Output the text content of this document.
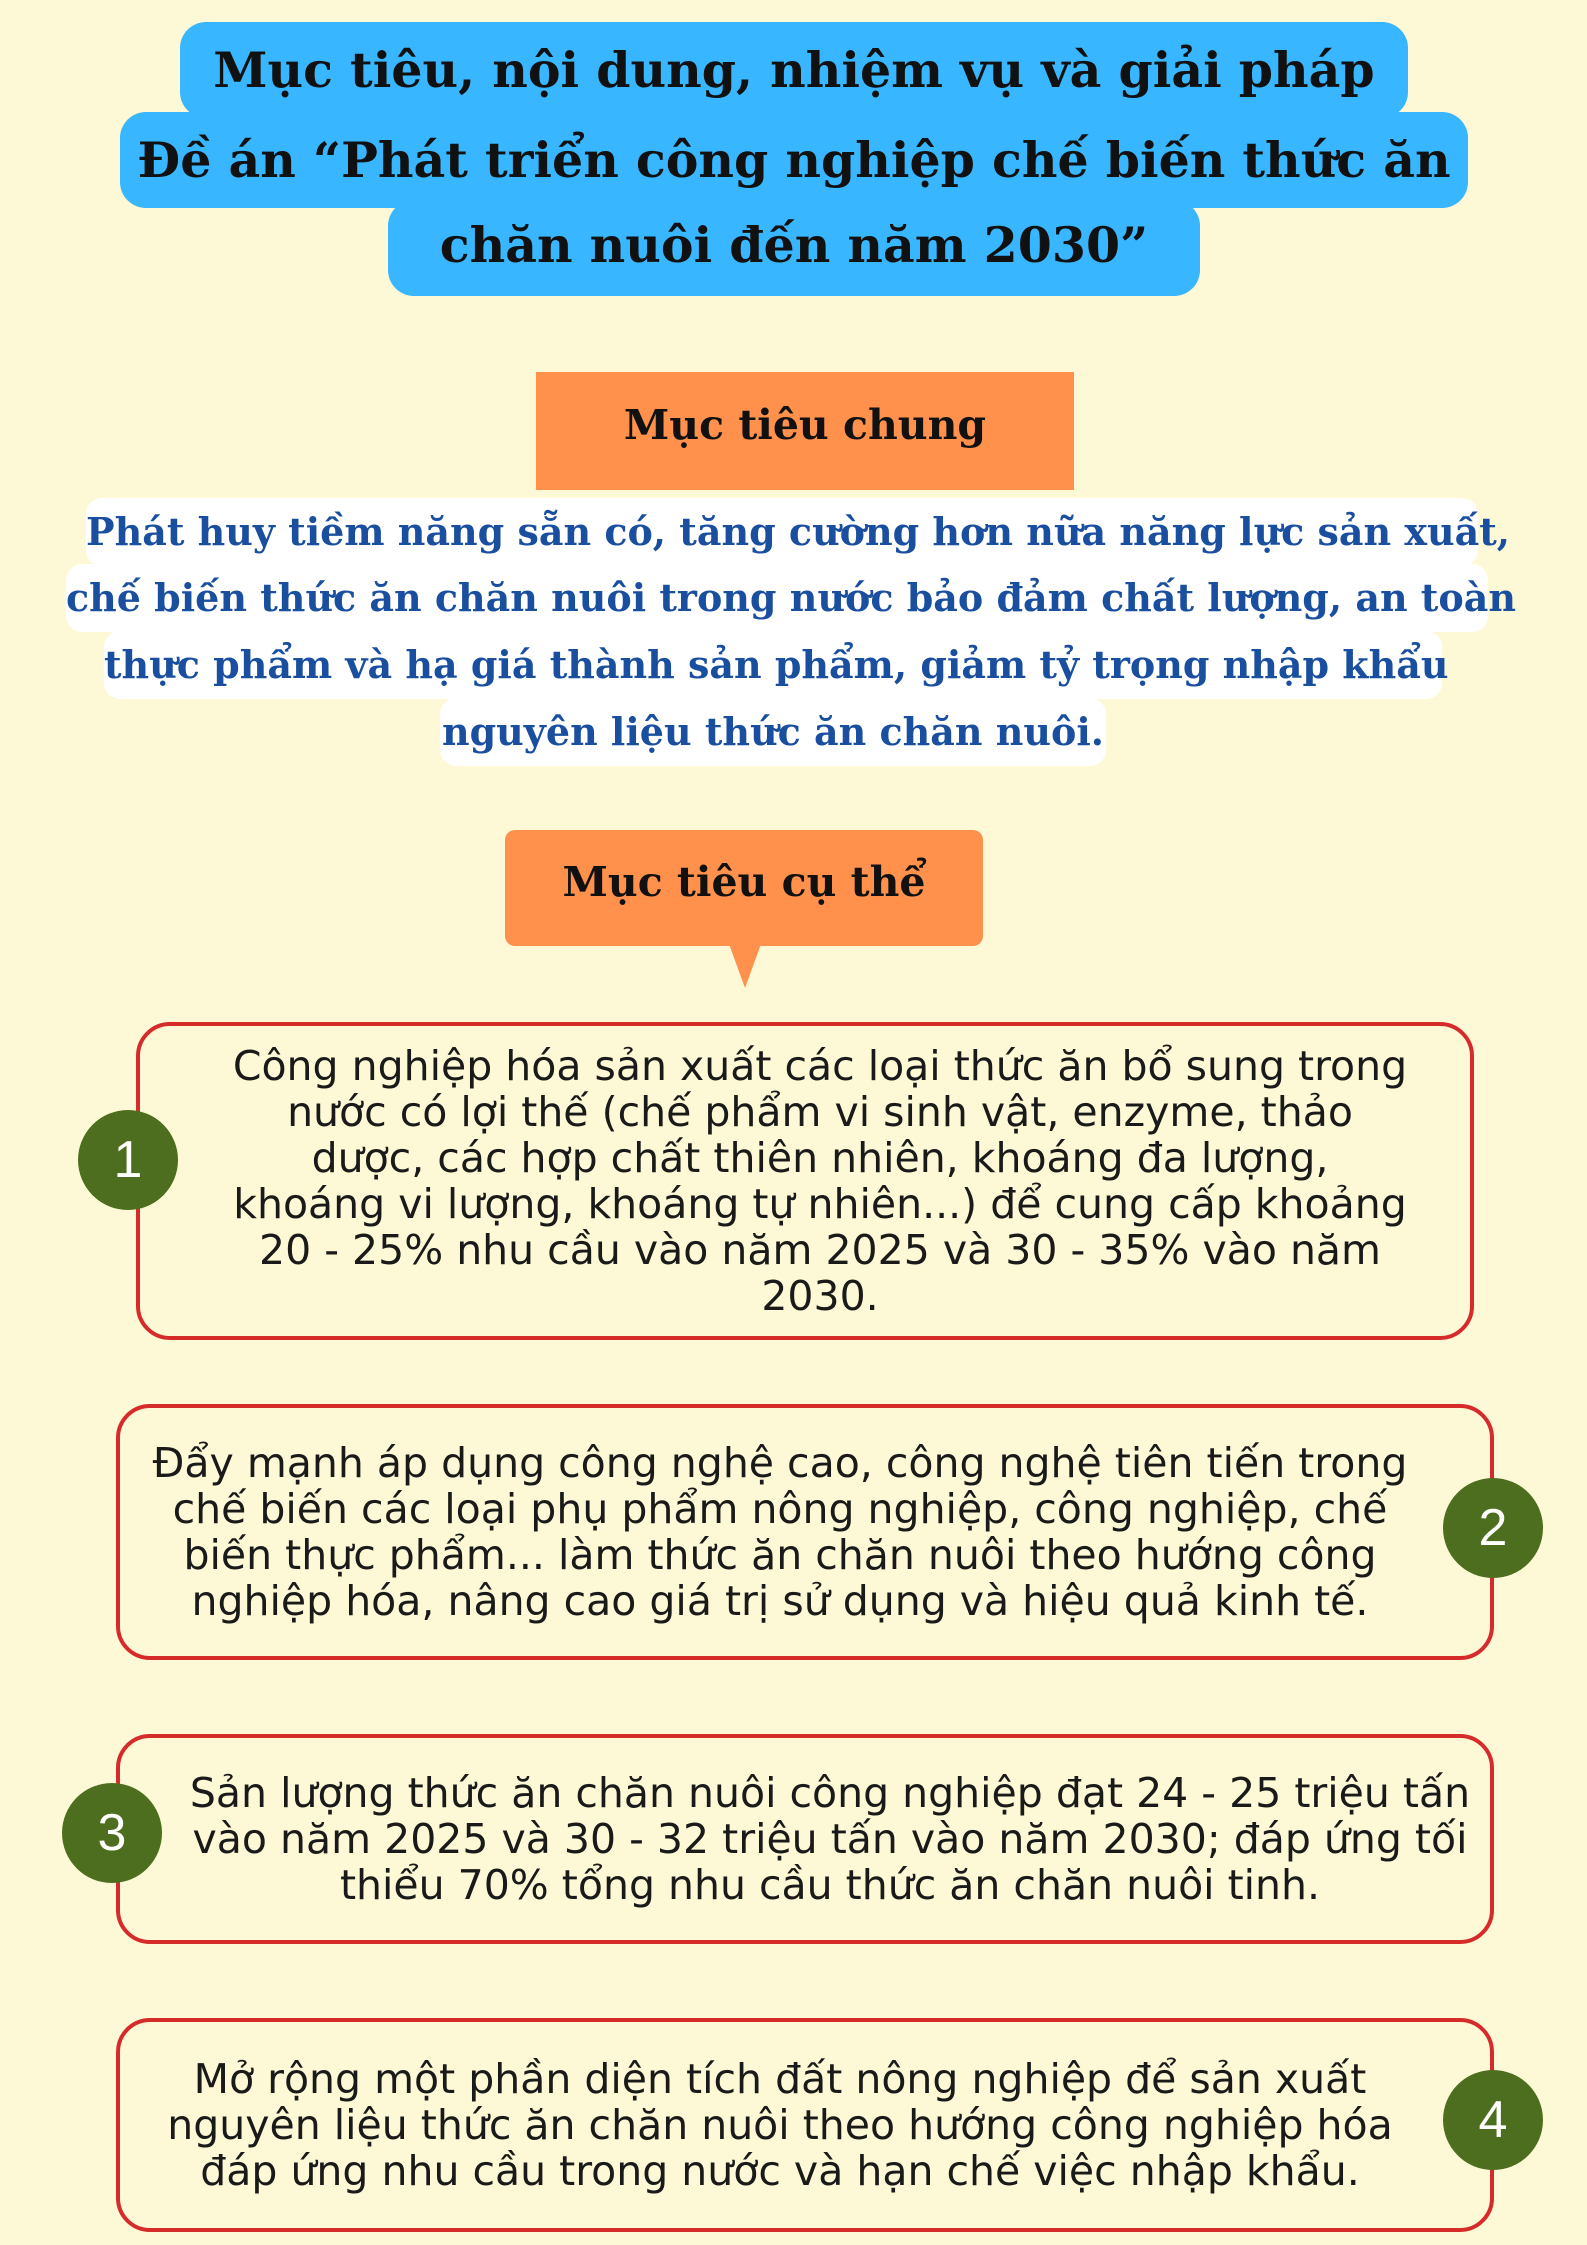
Mục tiêu, nội dung, nhiệm vụ và giải pháp
Đề án “Phát triển công nghiệp chế biến thức ăn
chăn nuôi đến năm 2030”
Mục tiêu chung
Phát huy tiềm năng sẵn có, tăng cường hơn nữa năng lực sản xuất,
chế biến thức ăn chăn nuôi trong nước bảo đảm chất lượng, an toàn
thực phẩm và hạ giá thành sản phẩm, giảm tỷ trọng nhập khẩu
nguyên liệu thức ăn chăn nuôi.
Mục tiêu cụ thể
Công nghiệp hóa sản xuất các loại thức ăn bổ sung trong nước có lợi thế (chế phẩm vi sinh vật, enzyme, thảo dược, các hợp chất thiên nhiên, khoáng đa lượng, khoáng vi lượng, khoáng tự nhiên...) để cung cấp khoảng 20 - 25% nhu cầu vào năm 2025 và 30 - 35% vào năm 2030.
1
Đẩy mạnh áp dụng công nghệ cao, công nghệ tiên tiến trong chế biến các loại phụ phẩm nông nghiệp, công nghiệp, chế biến thực phẩm... làm thức ăn chăn nuôi theo hướng công nghiệp hóa, nâng cao giá trị sử dụng và hiệu quả kinh tế.
2
Sản lượng thức ăn chăn nuôi công nghiệp đạt 24 - 25 triệu tấn vào năm 2025 và 30 - 32 triệu tấn vào năm 2030; đáp ứng tối thiểu 70% tổng nhu cầu thức ăn chăn nuôi tinh.
3
Mở rộng một phần diện tích đất nông nghiệp để sản xuất nguyên liệu thức ăn chăn nuôi theo hướng công nghiệp hóa đáp ứng nhu cầu trong nước và hạn chế việc nhập khẩu.
4
